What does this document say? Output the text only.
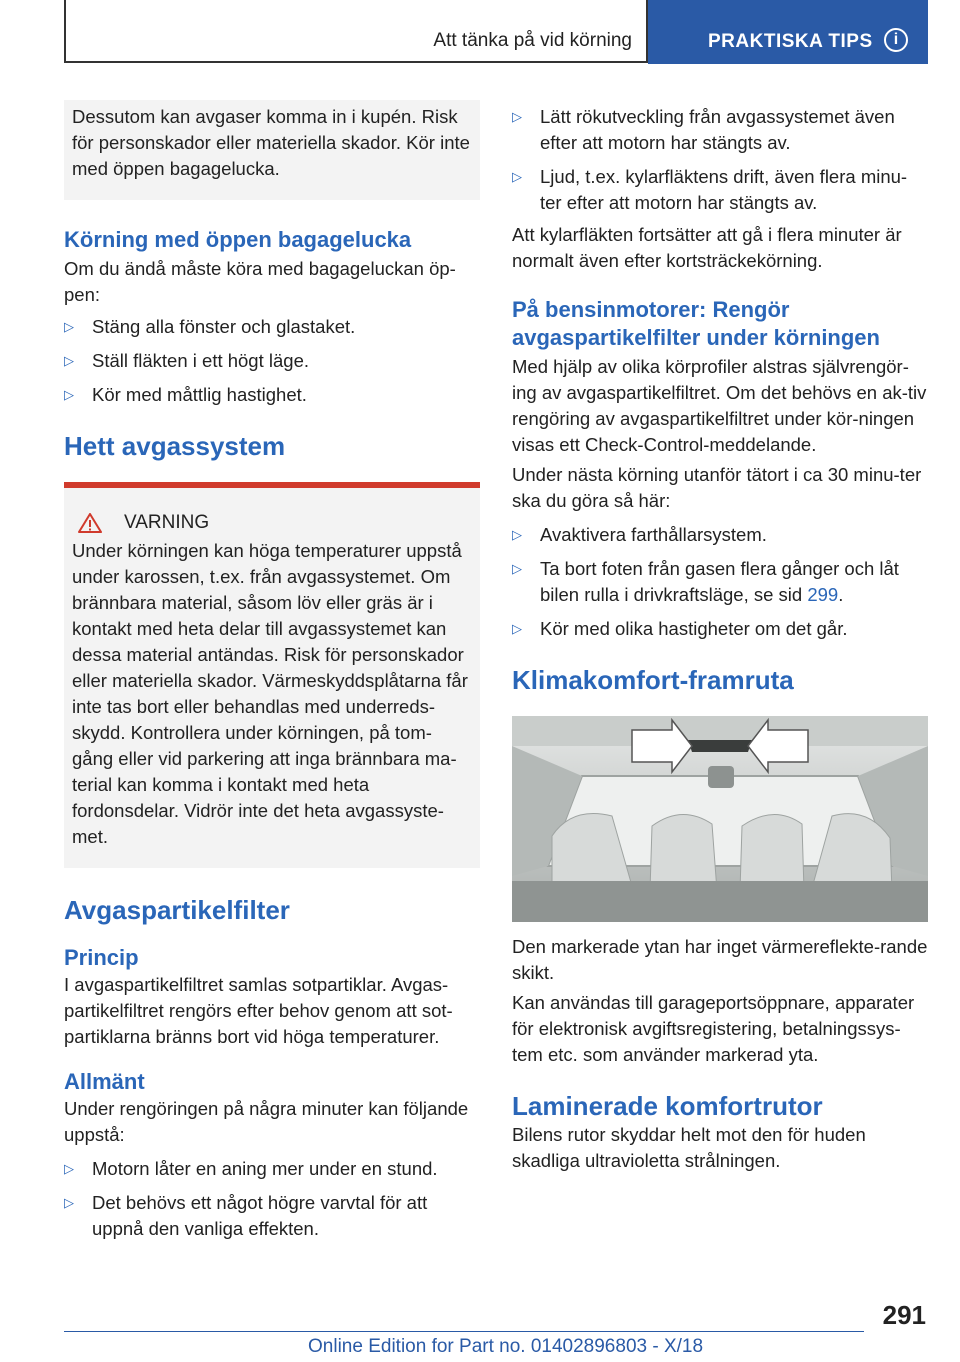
Att tänka på vid körning	PRAKTISKA TIPS	i

Dessutom kan avgaser komma in i kupén. Risk för personskador eller materiella skador. Kör inte med öppen bagagelucka.

Körning med öppen bagagelucka

Om du ändå måste köra med bagageluckan öp-pen:

▷ Stäng alla fönster och glastaket.
▷ Ställ fläkten i ett högt läge.
▷ Kör med måttlig hastighet.
Hett avgassystem
VARNING

Under körningen kan höga temperaturer uppstå under karossen, t.ex. från avgassystemet. Om brännbara material, såsom löv eller gräs är i kontakt med heta delar till avgassystemet kan dessa material antändas. Risk för personskador eller materiella skador. Värmeskyddsplåtarna får inte tas bort eller behandlas med underreds-skydd. Kontrollera under körningen, på tom-gång eller vid parkering att inga brännbara ma-terial kan komma i kontakt med heta fordonsdelar. Vidrör inte det heta avgassyste-met.

Avgaspartikelfilter
Princip

I avgaspartikelfiltret samlas sotpartiklar. Avgas-partikelfiltret rengörs efter behov genom att sot-partiklarna bränns bort vid höga temperaturer.

Allmänt

Under rengöringen på några minuter kan följande uppstå:

▷ Motorn låter en aning mer under en stund.
▷ Det behövs ett något högre varvtal för att uppnå den vanliga effekten.
▷ Lätt rökutveckling från avgassystemet även efter att motorn har stängts av.
▷ Ljud, t.ex. kylarfläktens drift, även flera minu-ter efter att motorn har stängts av.

Att kylarfläkten fortsätter att gå i flera minuter är normalt även efter kortsträckekörning.

På bensinmotorer: Rengör avgaspartikelfilter under körningen

Med hjälp av olika körprofiler alstras självrengör-ing av avgaspartikelfiltret. Om det behövs en ak-tiv rengöring av avgaspartikelfiltret under kör-ningen visas ett Check-Control-meddelande.

Under nästa körning utanför tätort i ca 30 minu-ter ska du göra så här:

▷ Avaktivera farthållarsystem.
▷ Ta bort foten från gasen flera gånger och låt bilen rulla i drivkraftsläge, se sid 299.
▷ Kör med olika hastigheter om det går.
Klimakomfort-framruta

Den markerade ytan har inget värmereflekte-rande skikt.

Kan användas till garageportsöppnare, apparater för elektronisk avgiftsregistering, betalningssys-tem etc. som använder markerad yta.

Laminerade komfortrutor

Bilens rutor skyddar helt mot den för huden skadliga ultravioletta strålningen.

291
Online Edition for Part no. 01402896803 - X/18
